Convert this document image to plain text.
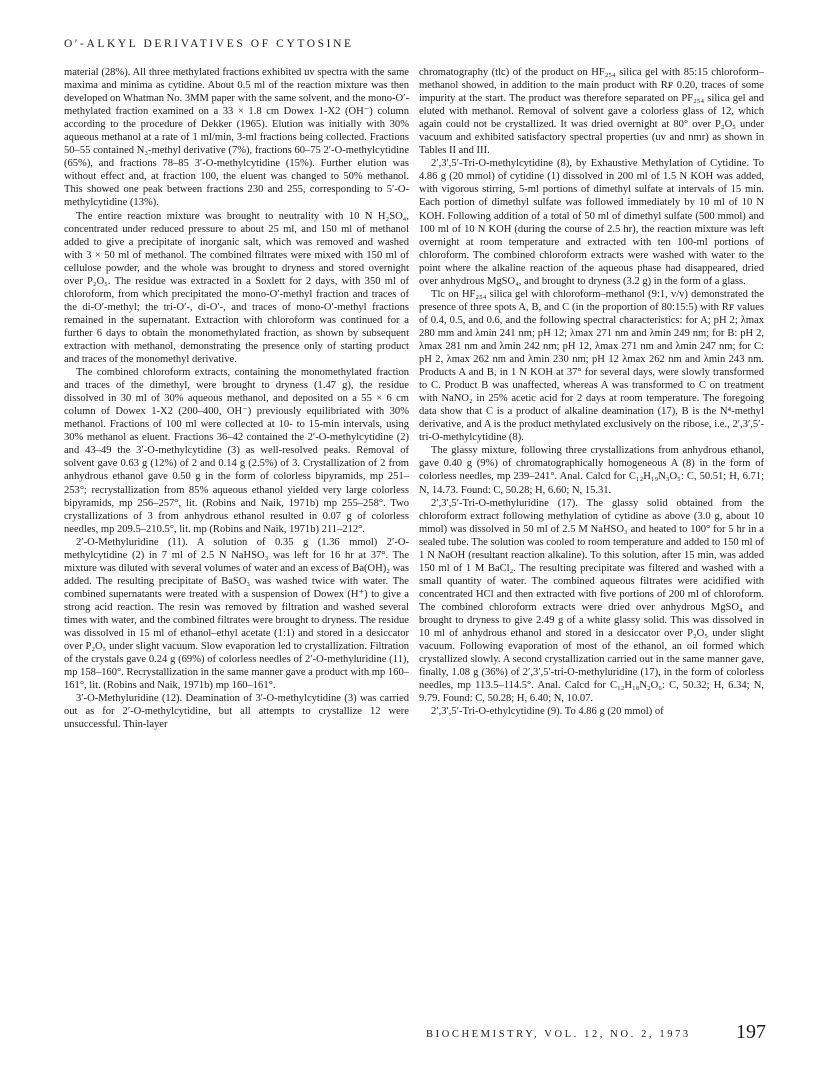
O′-ALKYL DERIVATIVES OF CYTOSINE

material (28%). All three methylated fractions exhibited uv spectra with the same maxima and minima as cytidine. About 0.5 ml of the reaction mixture was then developed on Whatman No. 3MM paper with the same solvent, and the mono-O′-methylated fraction examined on a 33 × 1.8 cm Dowex 1-X2 (OH⁻) column according to the procedure of Dekker (1965). Elution was initially with 30% aqueous methanol at a rate of 1 ml/min, 3-ml fractions being collected. Fractions 50–55 contained N₃-methyl derivative (7%), fractions 60–75 2′-O-methylcytidine (65%), and fractions 78–85 3′-O-methylcytidine (15%). Further elution was without effect and, at fraction 100, the eluent was changed to 50% methanol. This showed one peak between fractions 230 and 255, corresponding to 5′-O-methylcytidine (13%).

The entire reaction mixture was brought to neutrality with 10 N H₂SO₄, concentrated under reduced pressure to about 25 ml, and 150 ml of methanol added to give a precipitate of inorganic salt, which was removed and washed with 3 × 50 ml of methanol. The combined filtrates were mixed with 150 ml of cellulose powder, and the whole was brought to dryness and stored overnight over P₂O₅. The residue was extracted in a Soxlett for 2 days, with 350 ml of chloroform, from which precipitated the mono-O′-methyl fraction and traces of the di-O′-methyl; the tri-O′-, di-O′-, and traces of mono-O′-methyl fractions remained in the supernatant. Extraction with chloroform was continued for a further 6 days to obtain the monomethylated fraction, as shown by subsequent extraction with methanol, demonstrating the presence only of starting product and traces of the monomethyl derivative.

The combined chloroform extracts, containing the monomethylated fraction and traces of the dimethyl, were brought to dryness (1.47 g), the residue dissolved in 30 ml of 30% aqueous methanol, and deposited on a 55 × 6 cm column of Dowex 1-X2 (200–400, OH⁻) previously equilibriated with 30% methanol. Fractions of 100 ml were collected at 10- to 15-min intervals, using 30% methanol as eluent. Fractions 36–42 contained the 2′-O-methylcytidine (2) and 43–49 the 3′-O-methylcytidine (3) as well-resolved peaks. Removal of solvent gave 0.63 g (12%) of 2 and 0.14 g (2.5%) of 3. Crystallization of 2 from anhydrous ethanol gave 0.50 g in the form of colorless bipyramids, mp 251–253°; recrystallization from 85% aqueous ethanol yielded very large colorless bipyramids, mp 256–257°, lit. (Robins and Naik, 1971b) mp 255–258°. Two crystallizations of 3 from anhydrous ethanol resulted in 0.07 g of colorless needles, mp 209.5–210.5°, lit. mp (Robins and Naik, 1971b) 211–212°.

2′-O-Methyluridine (11). A solution of 0.35 g (1.36 mmol) 2′-O-methylcytidine (2) in 7 ml of 2.5 N NaHSO₃ was left for 16 hr at 37°. The mixture was diluted with several volumes of water and an excess of Ba(OH)₂ was added. The resulting precipitate of BaSO₃ was washed twice with water. The combined supernatants were treated with a suspension of Dowex (H⁺) to give a strong acid reaction. The resin was removed by filtration and washed several times with water, and the combined filtrates were brought to dryness. The residue was dissolved in 15 ml of ethanol–ethyl acetate (1:1) and stored in a desiccator over P₂O₅ under slight vacuum. Slow evaporation led to crystallization. Filtration of the crystals gave 0.24 g (69%) of colorless needles of 2′-O-methyluridine (11), mp 158–160°. Recrystallization in the same manner gave a product with mp 160–161°, lit. (Robins and Naik, 1971b) mp 160–161°.

3′-O-Methyluridine (12). Deamination of 3′-O-methylcytidine (3) was carried out as for 2′-O-methylcytidine, but all attempts to crystallize 12 were unsuccessful. Thin-layer

chromatography (tlc) of the product on HF₂₅₄ silica gel with 85:15 chloroform–methanol showed, in addition to the main product with Rꜰ 0.20, traces of some impurity at the start. The product was therefore separated on PF₂₅₄ silica gel and eluted with methanol. Removal of solvent gave a colorless glass of 12, which again could not be crystallized. It was dried overnight at 80° over P₂O₅ under vacuum and exhibited satisfactory spectral properties (uv and nmr) as shown in Tables II and III.

2′,3′,5′-Tri-O-methylcytidine (8), by Exhaustive Methylation of Cytidine. To 4.86 g (20 mmol) of cytidine (1) dissolved in 200 ml of 1.5 N KOH was added, with vigorous stirring, 5-ml portions of dimethyl sulfate at intervals of 15 min. Each portion of dimethyl sulfate was followed immediately by 10 ml of 10 N KOH. Following addition of a total of 50 ml of dimethyl sulfate (500 mmol) and 100 ml of 10 N KOH (during the course of 2.5 hr), the reaction mixture was left overnight at room temperature and extracted with ten 100-ml portions of chloroform. The combined chloroform extracts were washed with water to the point where the alkaline reaction of the aqueous phase had disappeared, dried over anhydrous MgSO₄, and brought to dryness (3.2 g) in the form of a glass.

Tlc on HF₂₅₄ silica gel with chloroform–methanol (9:1, v/v) demonstrated the presence of three spots A, B, and C (in the proportion of 80:15:5) with Rꜰ values of 0.4, 0.5, and 0.6, and the following spectral characteristics: for A; pH 2; λmax 280 mm and λmin 241 nm; pH 12; λmax 271 nm and λmin 249 nm; for B: pH 2, λmax 281 nm and λmin 242 nm; pH 12, λmax 271 nm and λmin 247 nm; for C: pH 2, λmax 262 nm and λmin 230 nm; pH 12 λmax 262 nm and λmin 243 nm. Products A and B, in 1 N KOH at 37° for several days, were slowly transformed to C. Product B was unaffected, whereas A was transformed to C on treatment with NaNO₂ in 25% acetic acid for 2 days at room temperature. The foregoing data show that C is a product of alkaline deamination (17), B is the N⁴-methyl derivative, and A is the product methylated exclusively on the ribose, i.e., 2′,3′,5′-tri-O-methylcytidine (8).

The glassy mixture, following three crystallizations from anhydrous ethanol, gave 0.40 g (9%) of chromatographically homogeneous A (8) in the form of colorless needles, mp 239–241°. Anal. Calcd for C₁₂H₁₉N₃O₅: C, 50.51; H, 6.71; N, 14.73. Found: C, 50.28; H, 6.60; N, 15.31.

2′,3′,5′-Tri-O-methyluridine (17). The glassy solid obtained from the chloroform extract following methylation of cytidine as above (3.0 g, about 10 mmol) was dissolved in 50 ml of 2.5 M NaHSO₃ and heated to 100° for 5 hr in a sealed tube. The solution was cooled to room temperature and added to 150 ml of 1 N NaOH (resultant reaction alkaline). To this solution, after 15 min, was added 150 ml of 1 M BaCl₂. The resulting precipitate was filtered and washed with a small quantity of water. The combined aqueous filtrates were acidified with concentrated HCl and then extracted with five portions of 200 ml of chloroform. The combined chloroform extracts were dried over anhydrous MgSO₄ and brought to dryness to give 2.49 g of a white glassy solid. This was dissolved in 10 ml of anhydrous ethanol and stored in a desiccator over P₂O₅ under slight vacuum. Following evaporation of most of the ethanol, an oil formed which crystallized slowly. A second crystallization carried out in the same manner gave, finally, 1.08 g (36%) of 2′,3′,5′-tri-O-methyluridine (17), in the form of colorless needles, mp 113.5–114.5°. Anal. Calcd for C₁₂H₁₈N₂O₆: C, 50.32; H, 6.34; N, 9.79. Found: C, 50.28; H, 6.40; N, 10.07.

2′,3′,5′-Tri-O-ethylcytidine (9). To 4.86 g (20 mmol) of

BIOCHEMISTRY, VOL. 12, NO. 2, 1973 197
